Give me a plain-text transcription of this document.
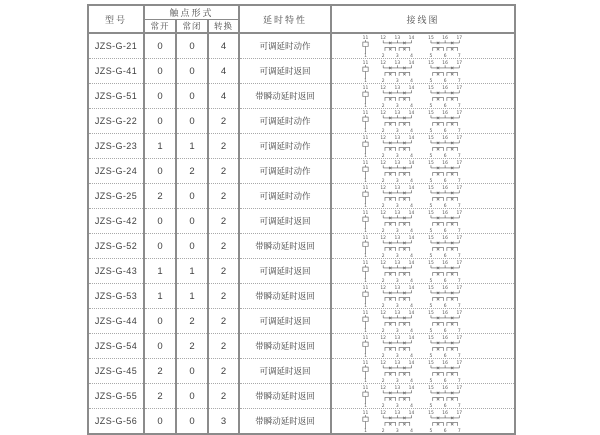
型号	触点形式			延时特性	接线图
	常开	常闭	转换		
JZS-G-21	0	0	4	可调延时动作	
11
1
12 13 14
2 3 4
15 16 17
5 6 7

JZS-G-41	0	0	4	可调延时返回	
11
1
12 13 14
2 3 4
15 16 17
5 6 7

JZS-G-51	0	0	4	带瞬动延时返回	
11
1
12 13 14
2 3 4
15 16 17
5 6 7

JZS-G-22	0	0	2	可调延时动作	
11
1
12 13 14
2 3 4
15 16 17
5 6 7

JZS-G-23	1	1	2	可调延时动作	
11
1
12 13 14
2 3 4
15 16 17
5 6 7

JZS-G-24	0	2	2	可调延时动作	
11
1
12 13 14
2 3 4
15 16 17
5 6 7

JZS-G-25	2	0	2	可调延时动作	
11
1
12 13 14
2 3 4
15 16 17
5 6 7

JZS-G-42	0	0	2	可调延时返回	
11
1
12 13 14
2 3 4
15 16 17
5 6 7

JZS-G-52	0	0	2	带瞬动延时返回	
11
1
12 13 14
2 3 4
15 16 17
5 6 7

JZS-G-43	1	1	2	可调延时返回	
11
1
12 13 14
2 3 4
15 16 17
5 6 7

JZS-G-53	1	1	2	带瞬动延时返回	
11
1
12 13 14
2 3 4
15 16 17
5 6 7

JZS-G-44	0	2	2	可调延时返回	
11
1
12 13 14
2 3 4
15 16 17
5 6 7

JZS-G-54	0	2	2	带瞬动延时返回	
11
1
12 13 14
2 3 4
15 16 17
5 6 7

JZS-G-45	2	0	2	可调延时返回	
11
1
12 13 14
2 3 4
15 16 17
5 6 7

JZS-G-55	2	0	2	带瞬动延时返回	
11
1
12 13 14
2 3 4
15 16 17
5 6 7

JZS-G-56	0	0	3	带瞬动延时返回	
11
1
12 13 14
2 3 4
15 16 17
5 6 7
